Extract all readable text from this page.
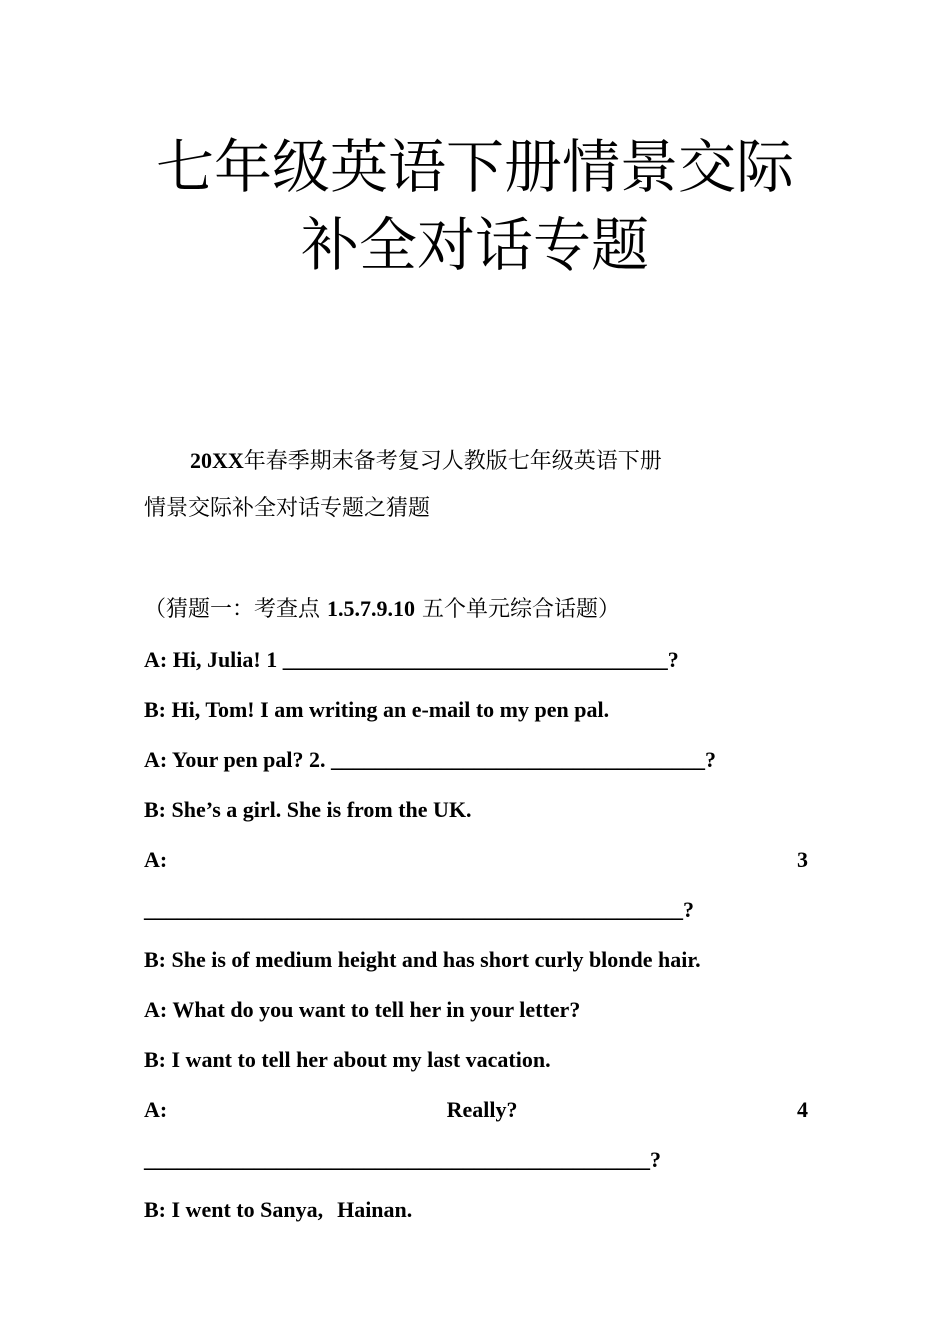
七年级英语下册情景交际
补全对话专题
20XX年春季期末备考复习人教版七年级英语下册
情景交际补全对话专题之猜题
（猜题一：考查点 1.5.7.9.10 五个单元综合话题）
A: Hi, Julia! 1 ___________________________________?
B: Hi, Tom! I am writing an e-mail to my pen pal.
A: Your pen pal? 2. __________________________________?
B: She’s a girl. She is from the UK.
A:	3
_________________________________________________?
B: She is of medium height and has short curly blonde hair.
A: What do you want to tell her in your letter?
B: I want to tell her about my last vacation.
A:	Really?	4
______________________________________________?
B: I went to Sanya, Hainan.
